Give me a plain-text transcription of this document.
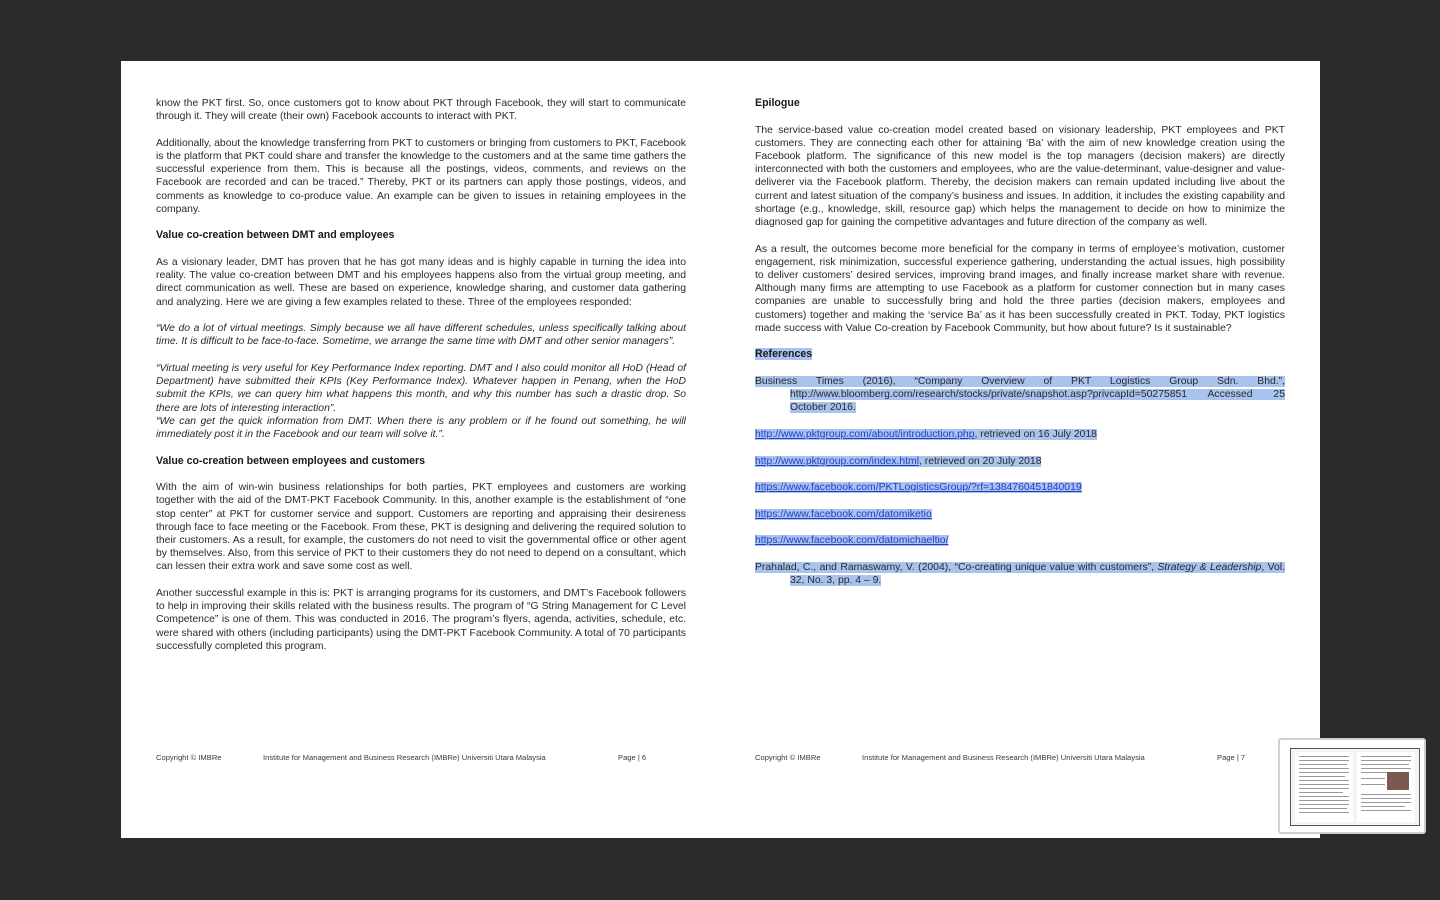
know the PKT first. So, once customers got to know about PKT through Facebook, they will start to communicate through it. They will create (their own) Facebook accounts to interact with PKT.

Additionally, about the knowledge transferring from PKT to customers or bringing from customers to PKT, Facebook is the platform that PKT could share and transfer the knowledge to the customers and at the same time gathers the successful experience from them. This is because all the postings, videos, comments, and reviews on the Facebook are recorded and can be traced.” Thereby, PKT or its partners can apply those postings, videos, and comments as knowledge to co-produce value. An example can be given to issues in retaining employees in the company.

Value co-creation between DMT and employees

As a visionary leader, DMT has proven that he has got many ideas and is highly capable in turning the idea into reality. The value co-creation between DMT and his employees happens also from the virtual group meeting, and direct communication as well. These are based on experience, knowledge sharing, and customer data gathering and analyzing. Here we are giving a few examples related to these. Three of the employees responded:

“We do a lot of virtual meetings. Simply because we all have different schedules, unless specifically talking about time. It is difficult to be face-to-face. Sometime, we arrange the same time with DMT and other senior managers”.

“Virtual meeting is very useful for Key Performance Index reporting. DMT and I also could monitor all HoD (Head of Department) have submitted their KPIs (Key Performance Index). Whatever happen in Penang, when the HoD submit the KPIs, we can query him what happens this month, and why this number has such a drastic drop. So there are lots of interesting interaction”.

“We can get the quick information from DMT. When there is any problem or if he found out something, he will immediately post it in the Facebook and our team will solve it.”.

Value co-creation between employees and customers

With the aim of win-win business relationships for both parties, PKT employees and customers are working together with the aid of the DMT-PKT Facebook Community. In this, another example is the establishment of “one stop center” at PKT for customer service and support. Customers are reporting and appraising their desireness through face to face meeting or the Facebook. From these, PKT is designing and delivering the required solution to their customers. As a result, for example, the customers do not need to visit the governmental office or other agent by themselves. Also, from this service of PKT to their customers they do not need to depend on a consultant, which can lessen their extra work and save some cost as well.

Another successful example in this is: PKT is arranging programs for its customers, and DMT’s Facebook followers to help in improving their skills related with the business results. The program of “G String Management for C Level Competence” is one of them. This was conducted in 2016. The program’s flyers, agenda, activities, schedule, etc. were shared with others (including participants) using the DMT-PKT Facebook Community. A total of 70 participants successfully completed this program.

Copyright © IMBRe	Institute for Management and Business Research (IMBRe) Universiti Utara Malaysia	Page | 6
Epilogue

The service-based value co-creation model created based on visionary leadership, PKT employees and PKT customers. They are connecting each other for attaining ‘Ba’ with the aim of new knowledge creation using the Facebook platform. The significance of this new model is the top managers (decision makers) are directly interconnected with both the customers and employees, who are the value-determinant, value-designer and value-deliverer via the Facebook platform. Thereby, the decision makers can remain updated including live about the current and latest situation of the company’s business and issues. In addition, it includes the existing capability and shortage (e.g., knowledge, skill, resource gap) which helps the management to decide on how to minimize the diagnosed gap for gaining the competitive advantages and future direction of the company as well.

As a result, the outcomes become more beneficial for the company in terms of employee’s motivation, customer engagement, risk minimization, successful experience gathering, understanding the actual issues, high possibility to deliver customers’ desired services, improving brand images, and finally increase market share with revenue. Although many firms are attempting to use Facebook as a platform for customer connection but in many cases companies are unable to successfully bring and hold the three parties (decision makers, employees and customers) together and making the ‘service Ba’ as it has been successfully created in PKT. Today, PKT logistics made success with Value Co-creation by Facebook Community, but how about future? Is it sustainable?

References

Business Times (2016), “Company Overview of PKT Logistics Group Sdn. Bhd.”, http://www.bloomberg.com/research/stocks/private/snapshot.asp?privcapId=50275851 Accessed 25 October 2016.

http://www.pktgroup.com/about/introduction.php, retrieved on 16 July 2018

http://www.pktgroup.com/index.html, retrieved on 20 July 2018

https://www.facebook.com/PKTLogisticsGroup/?rf=1384760451840019

https://www.facebook.com/datomiketio

https://www.facebook.com/datomichaeltio/

Prahalad, C., and Ramaswamy, V. (2004), “Co-creating unique value with customers”, Strategy & Leadership, Vol. 32, No. 3, pp. 4 – 9.

Copyright © IMBRe	Institute for Management and Business Research (IMBRe) Universiti Utara Malaysia	Page | 7
